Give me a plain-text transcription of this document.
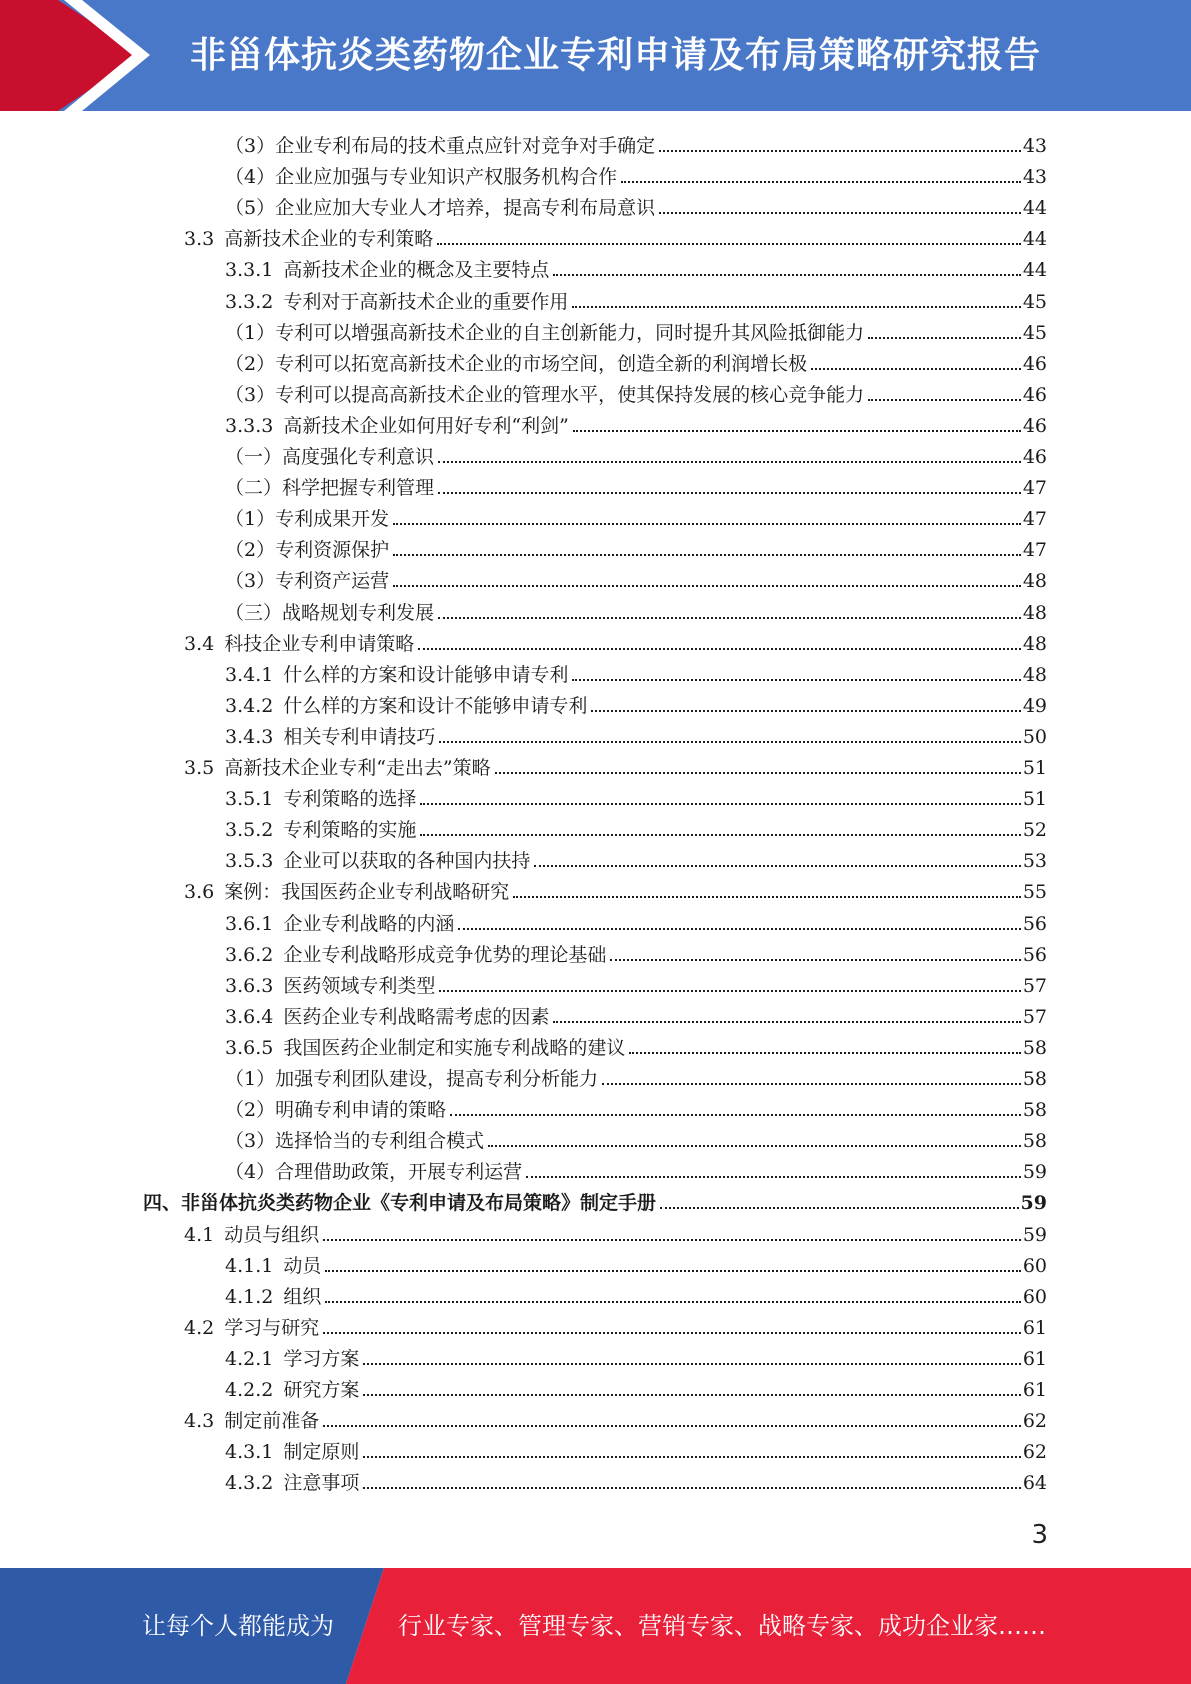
非甾体抗炎类药物企业专利申请及布局策略研究报告
（3）企业专利布局的技术重点应针对竞争对手确定	43
（4）企业应加强与专业知识产权服务机构合作	43
（5）企业应加大专业人才培养，提高专利布局意识	44
3.3 高新技术企业的专利策略	44
3.3.1 高新技术企业的概念及主要特点	44
3.3.2 专利对于高新技术企业的重要作用	45
（1）专利可以增强高新技术企业的自主创新能力，同时提升其风险抵御能力	45
（2）专利可以拓宽高新技术企业的市场空间，创造全新的利润增长极	46
（3）专利可以提高高新技术企业的管理水平，使其保持发展的核心竞争能力	46
3.3.3 高新技术企业如何用好专利“利剑”	46
（一）高度强化专利意识	46
（二）科学把握专利管理	47
（1）专利成果开发	47
（2）专利资源保护	47
（3）专利资产运营	48
（三）战略规划专利发展	48
3.4 科技企业专利申请策略	48
3.4.1 什么样的方案和设计能够申请专利	48
3.4.2 什么样的方案和设计不能够申请专利	49
3.4.3 相关专利申请技巧	50
3.5 高新技术企业专利“走出去”策略	51
3.5.1 专利策略的选择	51
3.5.2 专利策略的实施	52
3.5.3 企业可以获取的各种国内扶持	53
3.6 案例：我国医药企业专利战略研究	55
3.6.1 企业专利战略的内涵	56
3.6.2 企业专利战略形成竞争优势的理论基础	56
3.6.3 医药领域专利类型	57
3.6.4 医药企业专利战略需考虑的因素	57
3.6.5 我国医药企业制定和实施专利战略的建议	58
（1）加强专利团队建设，提高专利分析能力	58
（2）明确专利申请的策略	58
（3）选择恰当的专利组合模式	58
（4）合理借助政策，开展专利运营	59
四、非甾体抗炎类药物企业《专利申请及布局策略》制定手册	59
4.1 动员与组织	59
4.1.1 动员	60
4.1.2 组织	60
4.2 学习与研究	61
4.2.1 学习方案	61
4.2.2 研究方案	61
4.3 制定前准备	62
4.3.1 制定原则	62
4.3.2 注意事项	64
3
让每个人都能成为	行业专家、管理专家、营销专家、战略专家、成功企业家……
